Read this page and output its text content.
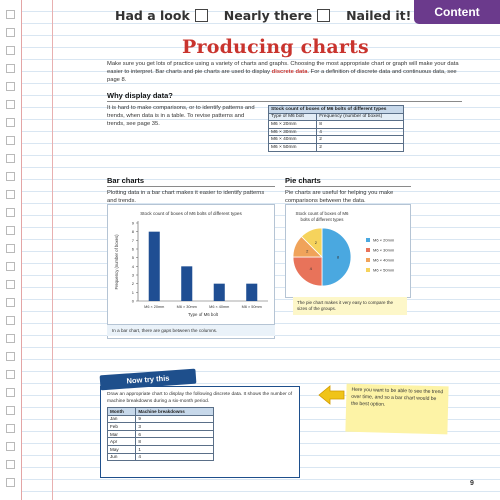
Had a look	Nearly there	Nailed it!	Content
Producing charts
Make sure you get lots of practice using a variety of charts and graphs. Choosing the most appropriate chart or graph will make your data easier to interpret. Bar charts and pie charts are used to display discrete data. For a definition of discrete data and continuous data, see page 8.
Why display data?
It is hard to make comparisons, or to identify patterns and trends, when data is in a table. To revise patterns and trends, see page 35.
Stock count of boxes of M6 bolts of different types	
Type of M6 bolt	Frequency (number of boxes)
M6 × 20mm	8
M6 × 30mm	4
M6 × 40mm	2
M6 × 50mm	2
Bar charts
Plotting data in a bar chart makes it easier to identify patterns and trends.
Pie charts
Pie charts are useful for helping you make comparisons between the data.
Stock count of boxes of M6 bolts of different types
0
1
2
3
4
5
6
7
8
9
M6 × 20mm	M6 × 30mm	M6 × 40mm	M6 × 50mm
Type of M6 bolt
Frequency (number of boxes)
In a bar chart, there are gaps between the columns.
Stock count of boxes of M6
bolts of different types
8
4
2
2	M6 × 20mm
M6 × 30mm
M6 × 40mm
M6 × 50mm
The pie chart makes it very easy to compare the sizes of the groups.
Now try this
Draw an appropriate chart to display the following discrete data. It shows the number of machine breakdowns during a six-month period.
Month	Machine breakdowns
Jan	9
Feb	3
Mar	6
Apr	8
May	1
Jun	4
Here you want to be able to see the trend over time, and so a bar chart would be the best option.
9
